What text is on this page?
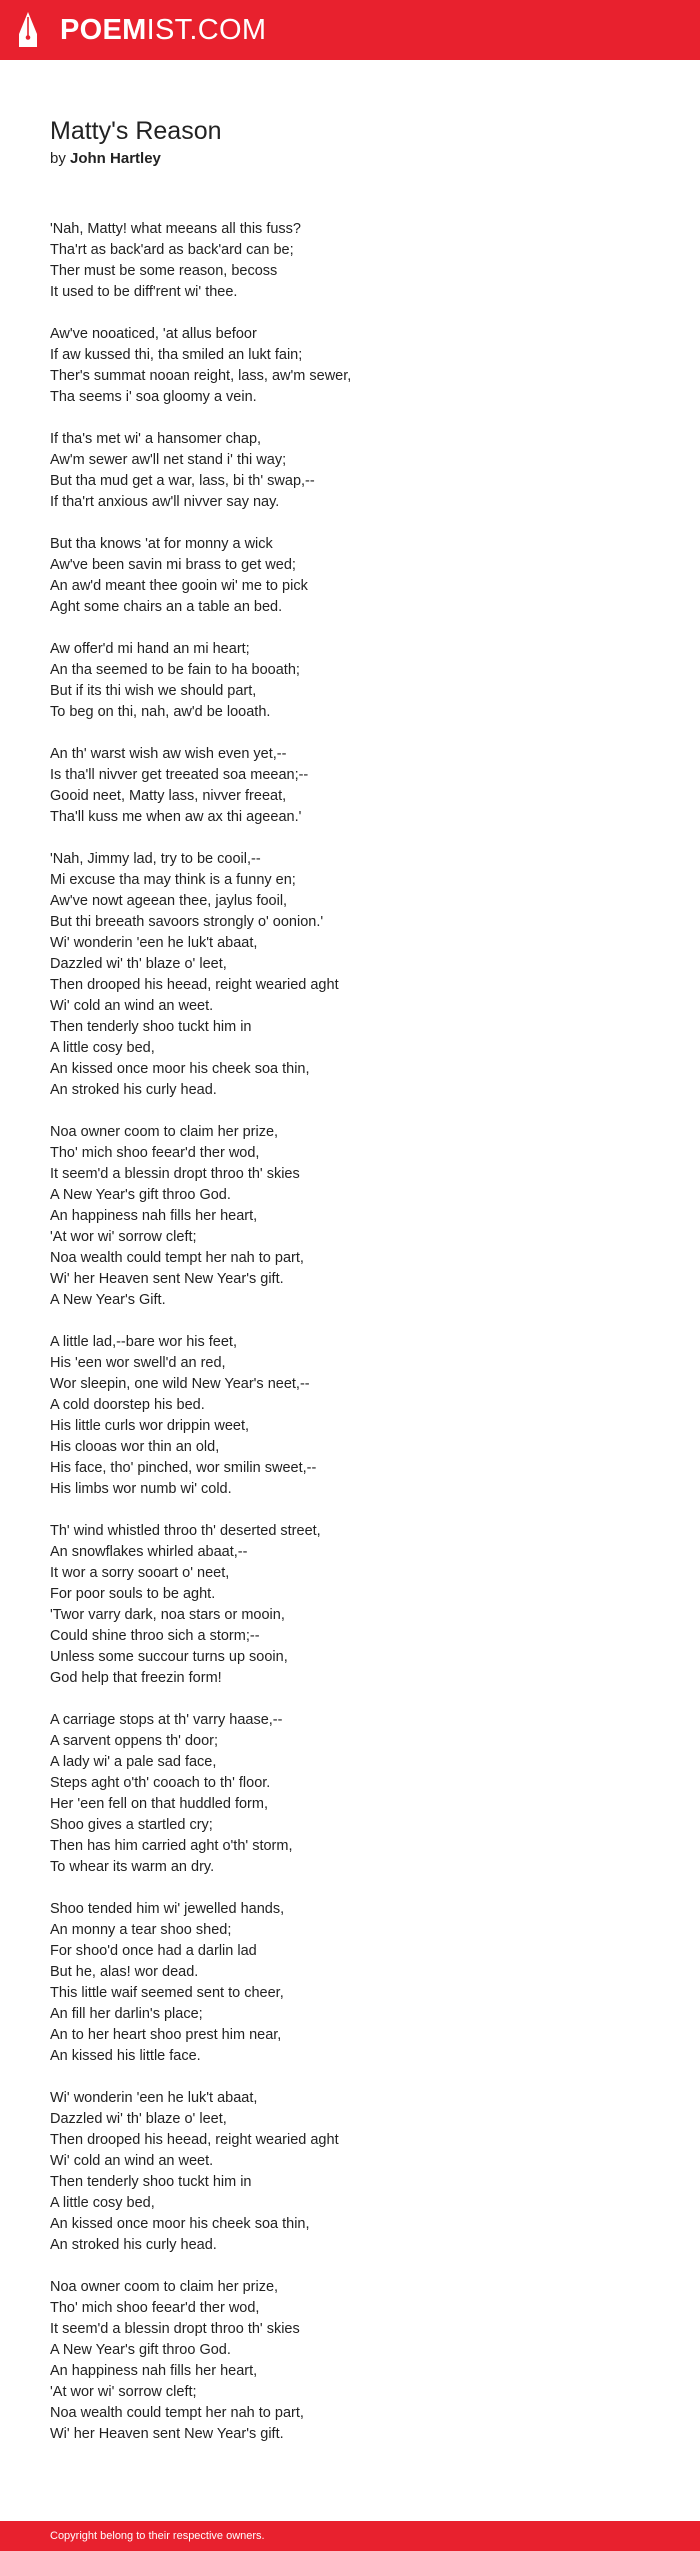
POEMIST.COM
Matty's Reason
by John Hartley
'Nah, Matty! what meeans all this fuss?
Tha'rt as back'ard as back'ard can be;
Ther must be some reason, becoss
It used to be diff'rent wi' thee.
Aw've nooaticed, 'at allus befoor
If aw kussed thi, tha smiled an lukt fain;
Ther's summat nooan reight, lass, aw'm sewer,
Tha seems i' soa gloomy a vein.
If tha's met wi' a hansomer chap,
Aw'm sewer aw'll net stand i' thi way;
But tha mud get a war, lass, bi th' swap,--
If tha'rt anxious aw'll nivver say nay.
But tha knows 'at for monny a wick
Aw've been savin mi brass to get wed;
An aw'd meant thee gooin wi' me to pick
Aght some chairs an a table an bed.
Aw offer'd mi hand an mi heart;
An tha seemed to be fain to ha booath;
But if its thi wish we should part,
To beg on thi, nah, aw'd be looath.
An th' warst wish aw wish even yet,--
Is tha'll nivver get treeated soa meean;--
Gooid neet, Matty lass, nivver freeat,
Tha'll kuss me when aw ax thi ageean.'
'Nah, Jimmy lad, try to be cooil,--
Mi excuse tha may think is a funny en;
Aw've nowt ageean thee, jaylus fooil,
But thi breeath savoors strongly o' oonion.'
Wi' wonderin 'een he luk't abaat,
Dazzled wi' th' blaze o' leet,
Then drooped his heead, reight wearied aght
Wi' cold an wind an weet.
Then tenderly shoo tuckt him in
A little cosy bed,
An kissed once moor his cheek soa thin,
An stroked his curly head.
Noa owner coom to claim her prize,
Tho' mich shoo feear'd ther wod,
It seem'd a blessin dropt throo th' skies
A New Year's gift throo God.
An happiness nah fills her heart,
'At wor wi' sorrow cleft;
Noa wealth could tempt her nah to part,
Wi' her Heaven sent New Year's gift.
A New Year's Gift.
A little lad,--bare wor his feet,
His 'een wor swell'd an red,
Wor sleepin, one wild New Year's neet,--
A cold doorstep his bed.
His little curls wor drippin weet,
His clooas wor thin an old,
His face, tho' pinched, wor smilin sweet,--
His limbs wor numb wi' cold.
Th' wind whistled throo th' deserted street,
An snowflakes whirled abaat,--
It wor a sorry sooart o' neet,
For poor souls to be aght.
'Twor varry dark, noa stars or mooin,
Could shine throo sich a storm;--
Unless some succour turns up sooin,
God help that freezin form!
A carriage stops at th' varry haase,--
A sarvent oppens th' door;
A lady wi' a pale sad face,
Steps aght o'th' cooach to th' floor.
Her 'een fell on that huddled form,
Shoo gives a startled cry;
Then has him carried aght o'th' storm,
To whear its warm an dry.
Shoo tended him wi' jewelled hands,
An monny a tear shoo shed;
For shoo'd once had a darlin lad
But he, alas! wor dead.
This little waif seemed sent to cheer,
An fill her darlin's place;
An to her heart shoo prest him near,
An kissed his little face.
Wi' wonderin 'een he luk't abaat,
Dazzled wi' th' blaze o' leet,
Then drooped his heead, reight wearied aght
Wi' cold an wind an weet.
Then tenderly shoo tuckt him in
A little cosy bed,
An kissed once moor his cheek soa thin,
An stroked his curly head.
Noa owner coom to claim her prize,
Tho' mich shoo feear'd ther wod,
It seem'd a blessin dropt throo th' skies
A New Year's gift throo God.
An happiness nah fills her heart,
'At wor wi' sorrow cleft;
Noa wealth could tempt her nah to part,
Wi' her Heaven sent New Year's gift.
Copyright belong to their respective owners.
